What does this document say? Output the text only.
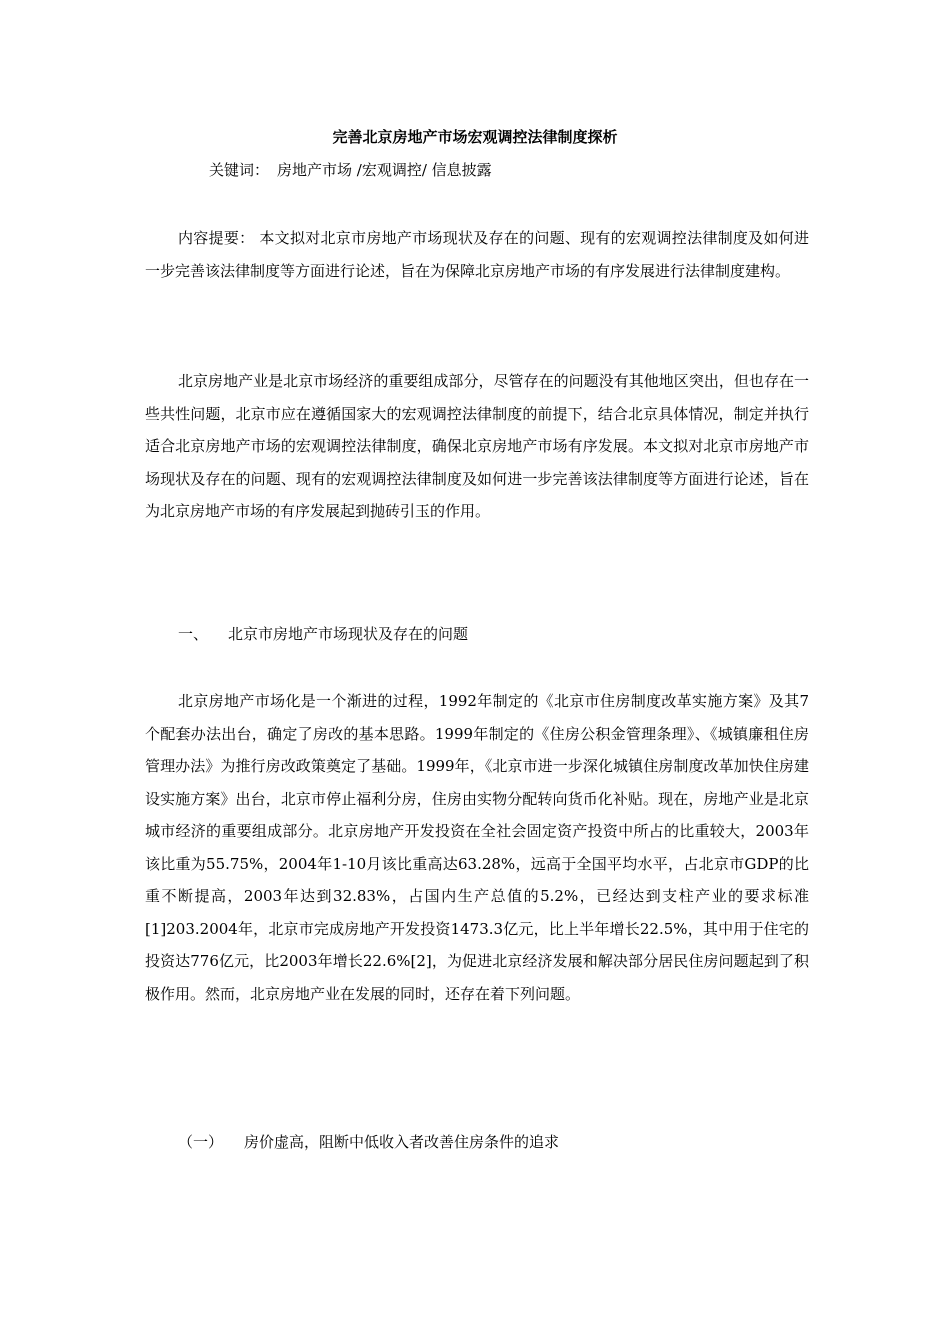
完善北京房地产市场宏观调控法律制度探析
关键词： 房地产市场 /宏观调控/ 信息披露

内容提要： 本文拟对北京市房地产市场现状及存在的问题、现有的宏观调控法律制度及如何进一步完善该法律制度等方面进行论述，旨在为保障北京房地产市场的有序发展进行法律制度建构。

北京房地产业是北京市场经济的重要组成部分，尽管存在的问题没有其他地区突出，但也存在一些共性问题，北京市应在遵循国家大的宏观调控法律制度的前提下，结合北京具体情况，制定并执行适合北京房地产市场的宏观调控法律制度，确保北京房地产市场有序发展。本文拟对北京市房地产市场现状及存在的问题、现有的宏观调控法律制度及如何进一步完善该法律制度等方面进行论述，旨在为北京房地产市场的有序发展起到抛砖引玉的作用。

一、 北京市房地产市场现状及存在的问题

北京房地产市场化是一个渐进的过程，1992年制定的《北京市住房制度改革实施方案》及其7个配套办法出台，确定了房改的基本思路。1999年制定的《住房公积金管理条理》、《城镇廉租住房管理办法》为推行房改政策奠定了基础。1999年，《北京市进一步深化城镇住房制度改革加快住房建设实施方案》出台，北京市停止福利分房，住房由实物分配转向货币化补贴。现在，房地产业是北京城市经济的重要组成部分。北京房地产开发投资在全社会固定资产投资中所占的比重较大，2003年该比重为55.75%，2004年1-10月该比重高达63.28%，远高于全国平均水平，占北京市GDP的比重不断提高，2003年达到32.83%，占国内生产总值的5.2%，已经达到支柱产业的要求标准[1]203.2004年，北京市完成房地产开发投资1473.3亿元，比上半年增长22.5%，其中用于住宅的投资达776亿元，比2003年增长22.6%[2]，为促进北京经济发展和解决部分居民住房问题起到了积极作用。然而，北京房地产业在发展的同时，还存在着下列问题。

（一） 房价虚高，阻断中低收入者改善住房条件的追求
